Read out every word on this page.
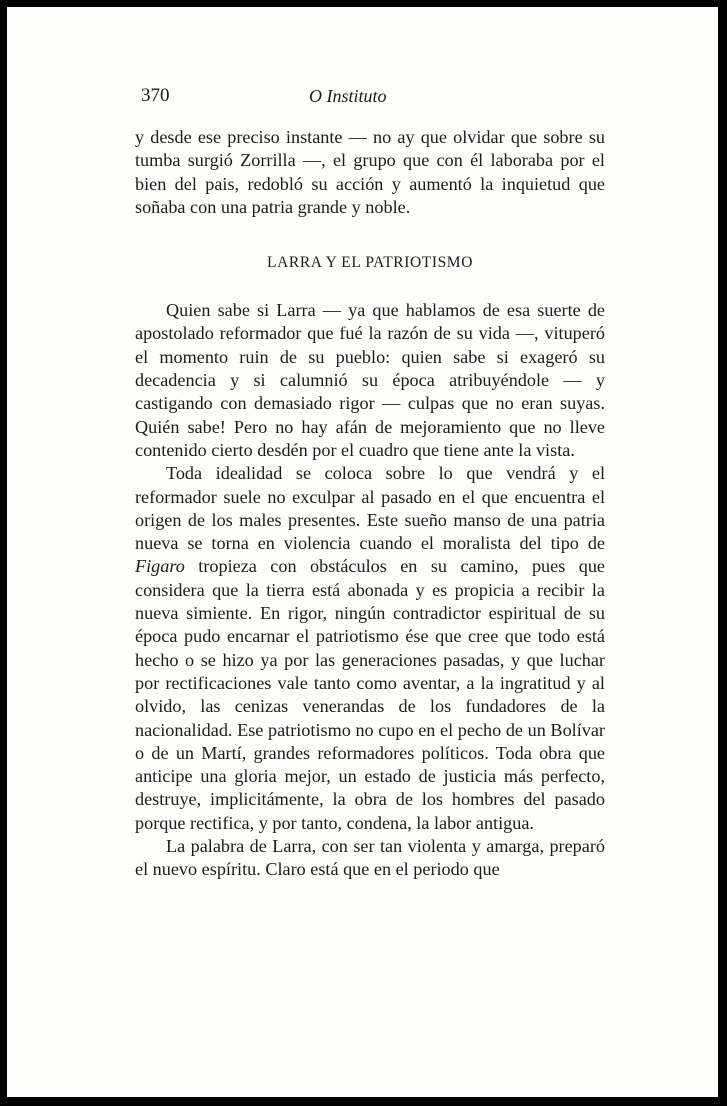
370	O Instituto

y desde ese preciso instante — no ay que olvidar que sobre su tumba surgió Zorrilla —, el grupo que con él laboraba por el bien del pais, redobló su acción y aumentó la inquietud que soñaba con una patria grande y noble.

LARRA Y EL PATRIOTISMO

Quien sabe si Larra — ya que hablamos de esa suerte de apostolado reformador que fué la razón de su vida —, vituperó el momento ruin de su pueblo: quien sabe si exageró su decadencia y si calumnió su época atribuyéndole — y castigando con demasiado rigor — culpas que no eran suyas. Quién sabe! Pero no hay afán de mejoramiento que no lleve contenido cierto desdén por el cuadro que tiene ante la vista.

Toda idealidad se coloca sobre lo que vendrá y el reformador suele no exculpar al pasado en el que encuentra el origen de los males presentes. Este sueño manso de una patria nueva se torna en violencia cuando el moralista del tipo de Figaro tropieza con obstáculos en su camino, pues que considera que la tierra está abonada y es propicia a recibir la nueva simiente. En rigor, ningún contradictor espiritual de su época pudo encarnar el patriotismo ése que cree que todo está hecho o se hizo ya por las generaciones pasadas, y que luchar por rectificaciones vale tanto como aventar, a la ingratitud y al olvido, las cenizas venerandas de los fundadores de la nacionalidad. Ese patriotismo no cupo en el pecho de un Bolívar o de un Martí, grandes reformadores políticos. Toda obra que anticipe una gloria mejor, un estado de justicia más perfecto, destruye, implicitámente, la obra de los hombres del pasado porque rectifica, y por tanto, condena, la labor antigua.

La palabra de Larra, con ser tan violenta y amarga, preparó el nuevo espíritu. Claro está que en el periodo que
